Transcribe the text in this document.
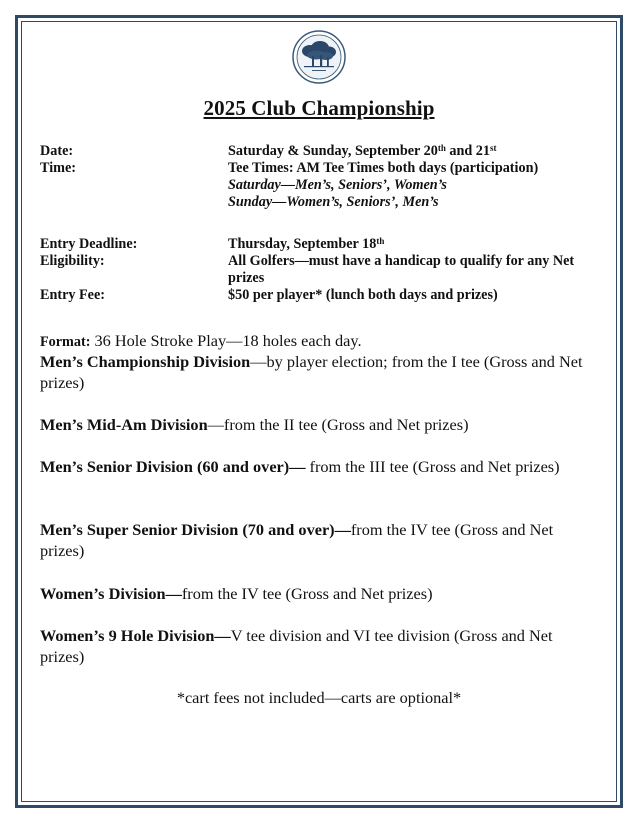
2025 Club Championship
Date:	Saturday & Sunday, September 20th and 21st
Time:	Tee Times: AM Tee Times both days (participation)
Saturday—Men’s, Seniors’, Women’s
Sunday—Women’s, Seniors’, Men’s
Entry Deadline:	Thursday, September 18th
Eligibility:	All Golfers—must have a handicap to qualify for any Net prizes
Entry Fee:	$50 per player* (lunch both days and prizes)
Format: 36 Hole Stroke Play—18 holes each day.
Men’s Championship Division—by player election; from the I tee (Gross and Net prizes)
Men’s Mid-Am Division—from the II tee (Gross and Net prizes)
Men’s Senior Division (60 and over)— from the III tee (Gross and Net prizes)
Men’s Super Senior Division (70 and over)—from the IV tee (Gross and Net prizes)
Women’s Division—from the IV tee (Gross and Net prizes)
Women’s 9 Hole Division—V tee division and VI tee division (Gross and Net prizes)
*cart fees not included—carts are optional*
